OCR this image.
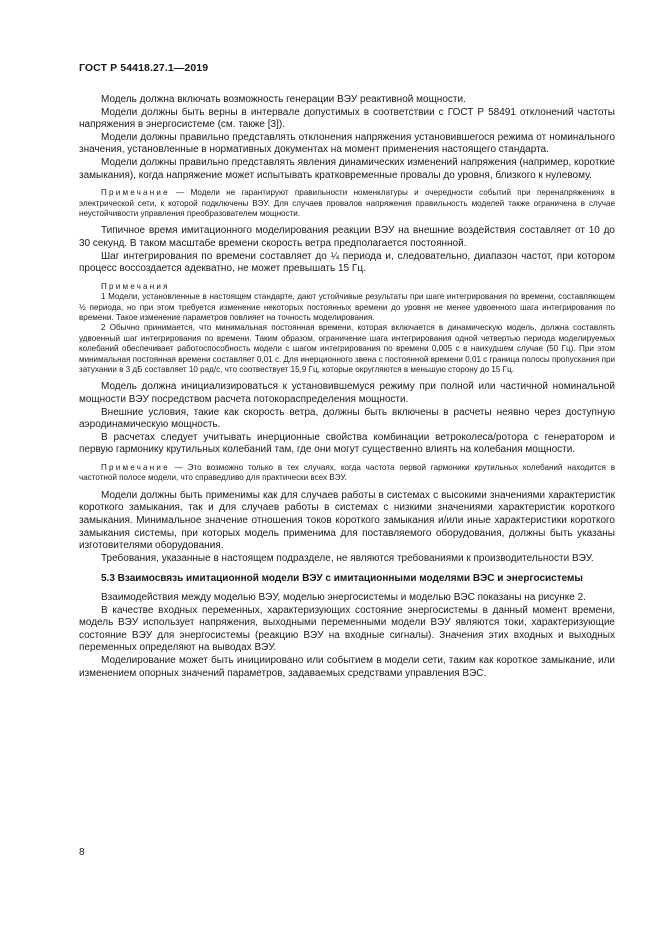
ГОСТ Р 54418.27.1—2019

Модель должна включать возможность генерации ВЭУ реактивной мощности.

Модели должны быть верны в интервале допустимых в соответствии с ГОСТ Р 58491 отклонений частоты напряжения в энергосистеме (см. также [3]).

Модели должны правильно представлять отклонения напряжения установившегося режима от номинального значения, установленные в нормативных документах на момент применения настоящего стандарта.

Модели должны правильно представлять явления динамических изменений напряжения (например, короткие замыкания), когда напряжение может испытывать кратковременные провалы до уровня, близкого к нулевому.

Примечание — Модели не гарантируют правильности номенклатуры и очередности событий при перенапряжениях в электрической сети, к которой подключены ВЭУ. Для случаев провалов напряжения правильность моделей также ограничена в случае неустойчивости управления преобразователем мощности.

Типичное время имитационного моделирования реакции ВЭУ на внешние воздействия составляет от 10 до 30 секунд. В таком масштабе времени скорость ветра предполагается постоянной.

Шаг интегрирования по времени составляет до ¼ периода и, следовательно, диапазон частот, при котором процесс воссоздается адекватно, не может превышать 15 Гц.

Примечания

1 Модели, установленные в настоящем стандарте, дают устойчивые результаты при шаге интегрирования по времени, составляющем ½ периода, но при этом требуется изменение некоторых постоянных времени до уровня не менее удвоенного шага интегрирования по времени. Такое изменение параметров повлияет на точность моделирования.

2 Обычно принимается, что минимальная постоянная времени, которая включается в динамическую модель, должна составлять удвоенный шаг интегрирования по времени. Таким образом, ограничение шага интегрирования одной четвертью периода моделируемых колебаний обеспечивает работоспособность модели с шагом интегрирования по времени 0,005 с в наихудшем случае (50 Гц). При этом минимальная постоянная времени составляет 0,01 с. Для инерционного звена с постоянной времени 0,01 с граница полосы пропускания при затухании в 3 дБ составляет 10 рад/с, что соотвествует 15,9 Гц, которые округляются в меньшую сторону до 15 Гц.

Модель должна инициализироваться к установившемуся режиму при полной или частичной номинальной мощности ВЭУ посредством расчета потокораспределения мощности.

Внешние условия, такие как скорость ветра, должны быть включены в расчеты неявно через доступную аэродинамическую мощность.

В расчетах следует учитывать инерционные свойства комбинации ветроколеса/ротора с генератором и первую гармонику крутильных колебаний там, где они могут существенно влиять на колебания мощности.

Примечание — Это возможно только в тех случаях, когда частота первой гармоники крутильных колебаний находится в частотной полосе модели, что справедливо для практически всех ВЭУ.

Модели должны быть применимы как для случаев работы в системах с высокими значениями характеристик короткого замыкания, так и для случаев работы в системах с низкими значениями характеристик короткого замыкания. Минимальное значение отношения токов короткого замыкания и/или иные характеристики короткого замыкания системы, при которых модель применима для поставляемого оборудования, должны быть указаны изготовителями оборудования.

Требования, указанные в настоящем подразделе, не являются требованиями к производительности ВЭУ.

5.3 Взаимосвязь имитационной модели ВЭУ с имитационными моделями ВЭС и энергосистемы

Взаимодействия между моделью ВЭУ, моделью энергосистемы и моделью ВЭС показаны на рисунке 2.

В качестве входных переменных, характеризующих состояние энергосистемы в данный момент времени, модель ВЭУ использует напряжения, выходными переменными модели ВЭУ являются токи, характеризующие состояние ВЭУ для энергосистемы (реакцию ВЭУ на входные сигналы). Значения этих входных и выходных переменных определяют на выводах ВЭУ.

Моделирование может быть инициировано или событием в модели сети, таким как короткое замыкание, или изменением опорных значений параметров, задаваемых средствами управления ВЭС.

8
